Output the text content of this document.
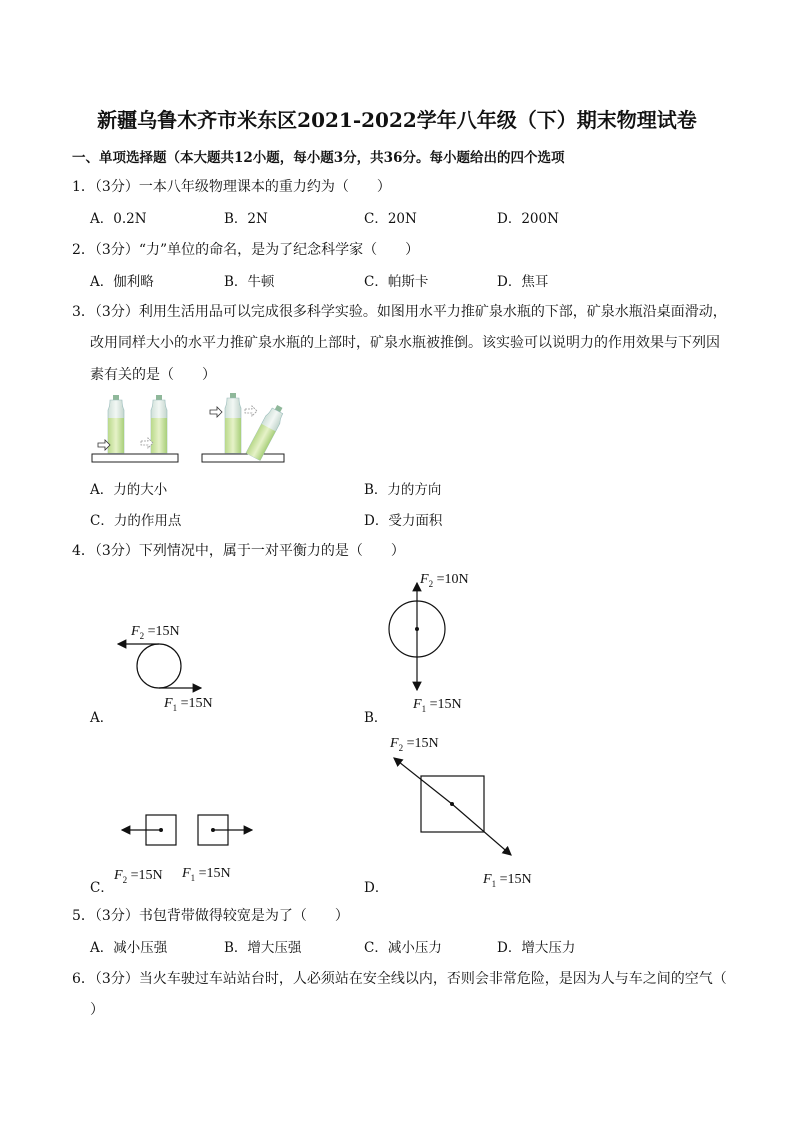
新疆乌鲁木齐市米东区2021-2022学年八年级（下）期末物理试卷
一、单项选择题（本大题共12小题，每小题3分，共36分。每小题给出的四个选项
1．（3分）一本八年级物理课本的重力约为（　　）
A．0.2N	B．2N	C．20N	D．200N
2．（3分）“力”单位的命名，是为了纪念科学家（　　）
A．伽利略	B．牛顿	C．帕斯卡	D．焦耳
3．（3分）利用生活用品可以完成很多科学实验。如图用水平力推矿泉水瓶的下部，矿泉水瓶沿桌面滑动，
改用同样大小的水平力推矿泉水瓶的上部时，矿泉水瓶被推倒。该实验可以说明力的作用效果与下列因
素有关的是（　　）
A．力的大小	B．力的方向
C．力的作用点	D．受力面积
4．（3分）下列情况中，属于一对平衡力的是（　　）
$F_2 =15N$
$F_1 =15N$
A．
$F_2 =10N$
$F_1 =15N$
B．
$F_2 =15N$ $F_1 =15N$
C．
$F_2 =15N$
$F_1 =15N$
D．
5．（3分）书包背带做得较宽是为了（　　）
A．减小压强	B．增大压强	C．减小压力	D．增大压力
6．（3分）当火车驶过车站站台时，人必须站在安全线以内，否则会非常危险，是因为人与车之间的空气（
）
